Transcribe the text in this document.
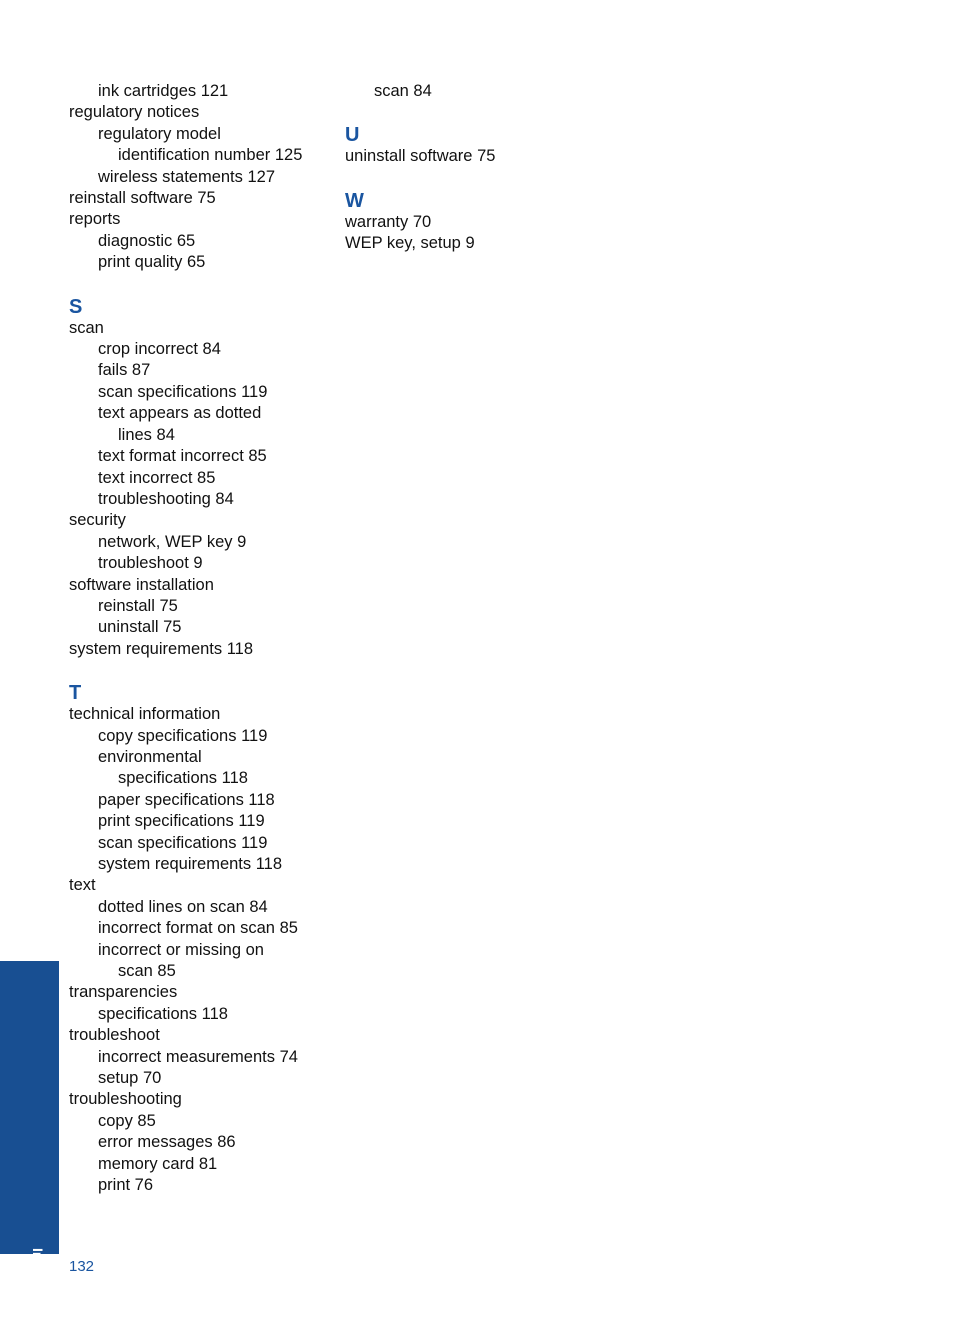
ink cartridges 121
regulatory notices
regulatory model
identification number 125
wireless statements 127
reinstall software 75
reports
diagnostic 65
print quality 65
S
scan
crop incorrect 84
fails 87
scan specifications 119
text appears as dotted
lines 84
text format incorrect 85
text incorrect 85
troubleshooting 84
security
network, WEP key 9
troubleshoot 9
software installation
reinstall 75
uninstall 75
system requirements 118
T
technical information
copy specifications 119
environmental
specifications 118
paper specifications 118
print specifications 119
scan specifications 119
system requirements 118
text
dotted lines on scan 84
incorrect format on scan 85
incorrect or missing on
scan 85
transparencies
specifications 118
troubleshoot
incorrect measurements 74
setup 70
troubleshooting
copy 85
error messages 86
memory card 81
print 76
scan 84
U
uninstall software 75
W
warranty 70
WEP key, setup 9
Index 132
